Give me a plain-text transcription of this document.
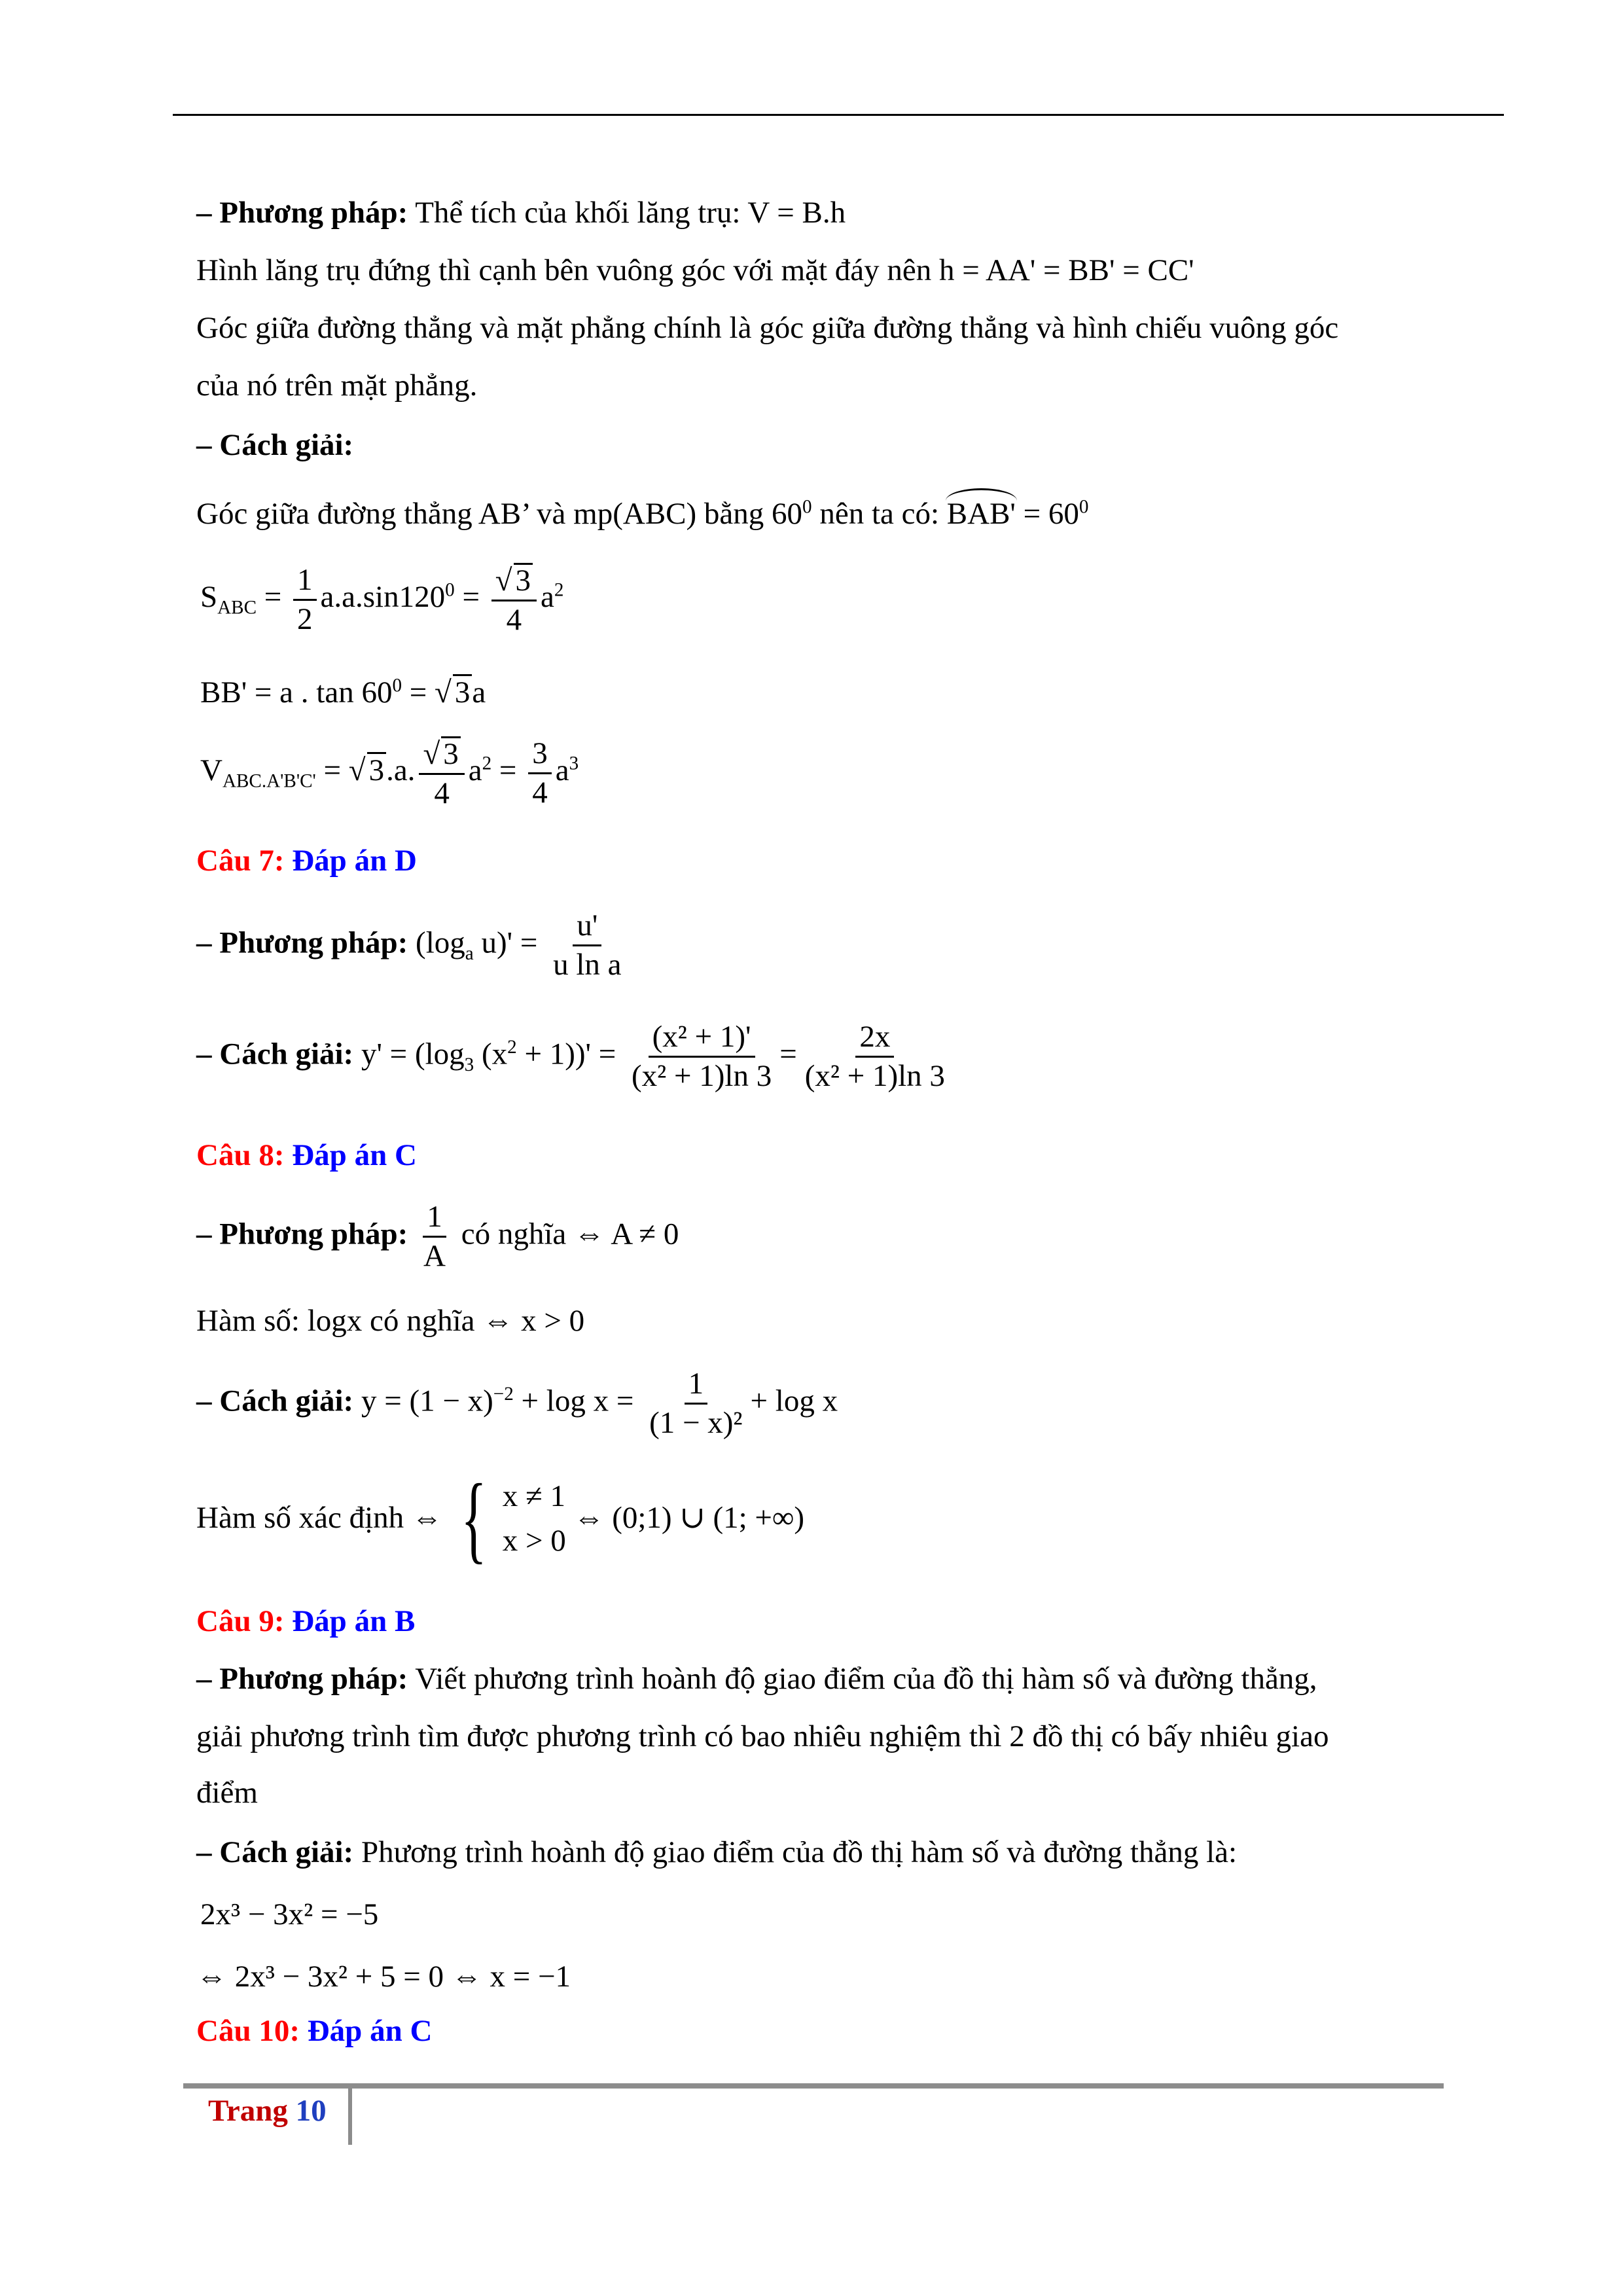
– Phương pháp: Thể tích của khối lăng trụ: V = B.h
Hình lăng trụ đứng thì cạnh bên vuông góc với mặt đáy nên h = AA' = BB' = CC'
Góc giữa đường thẳng và mặt phẳng chính là góc giữa đường thẳng và hình chiếu vuông góc
của nó trên mặt phẳng.
– Cách giải:
Góc giữa đường thẳng AB’ và mp(ABC) bằng $60^0$ nên ta có: $BAB' = 60^0$
$S_{ABC} = \frac{1}{2} a.a.\sin 120^0 = \frac{√ 3}{4} a^2$
BB' = a . $\tan 60^0$ = √ 3a
$V_{ABC.A'B'C'}$ = √ 3.a. $\frac{√ 3}{4} a^2 = \frac{3}{4} a^3$
Câu 7: Đáp án D
– Phương pháp: ($\log_a$ $u)' = \frac{u'}{\text{u ln a}}$
– Cách giải: $y' = (\log_3$ $(x^2 + 1))' = \frac{\text{(x² + 1)'}}{\text{(x² + 1)ln 3}} = \frac{2x}{\text{(x² + 1)ln 3}}$
Câu 8: Đáp án C
– Phương pháp: $\frac{1}{A}$ có nghĩa ⇔ A ≠ 0
Hàm số: logx có nghĩa ⇔ x > 0
– Cách giải: $y = (1 - x)^{-2} + \log x = \frac{1}{\text{(1 − x)²}} + \log x$
Hàm số xác định ⇔ { x ≠ 1
x > 0
⇔ (0;1) ∪ (1; +∞)
Câu 9: Đáp án B
– Phương pháp: Viết phương trình hoành độ giao điểm của đồ thị hàm số và đường thẳng,
giải phương trình tìm được phương trình có bao nhiêu nghiệm thì 2 đồ thị có bấy nhiêu giao
điểm
– Cách giải: Phương trình hoành độ giao điểm của đồ thị hàm số và đường thẳng là:
2x³ − 3x² = −5
⇔ 2x³ − 3x² + 5 = 0 ⇔ x = −1
Câu 10: Đáp án C
Trang 10
